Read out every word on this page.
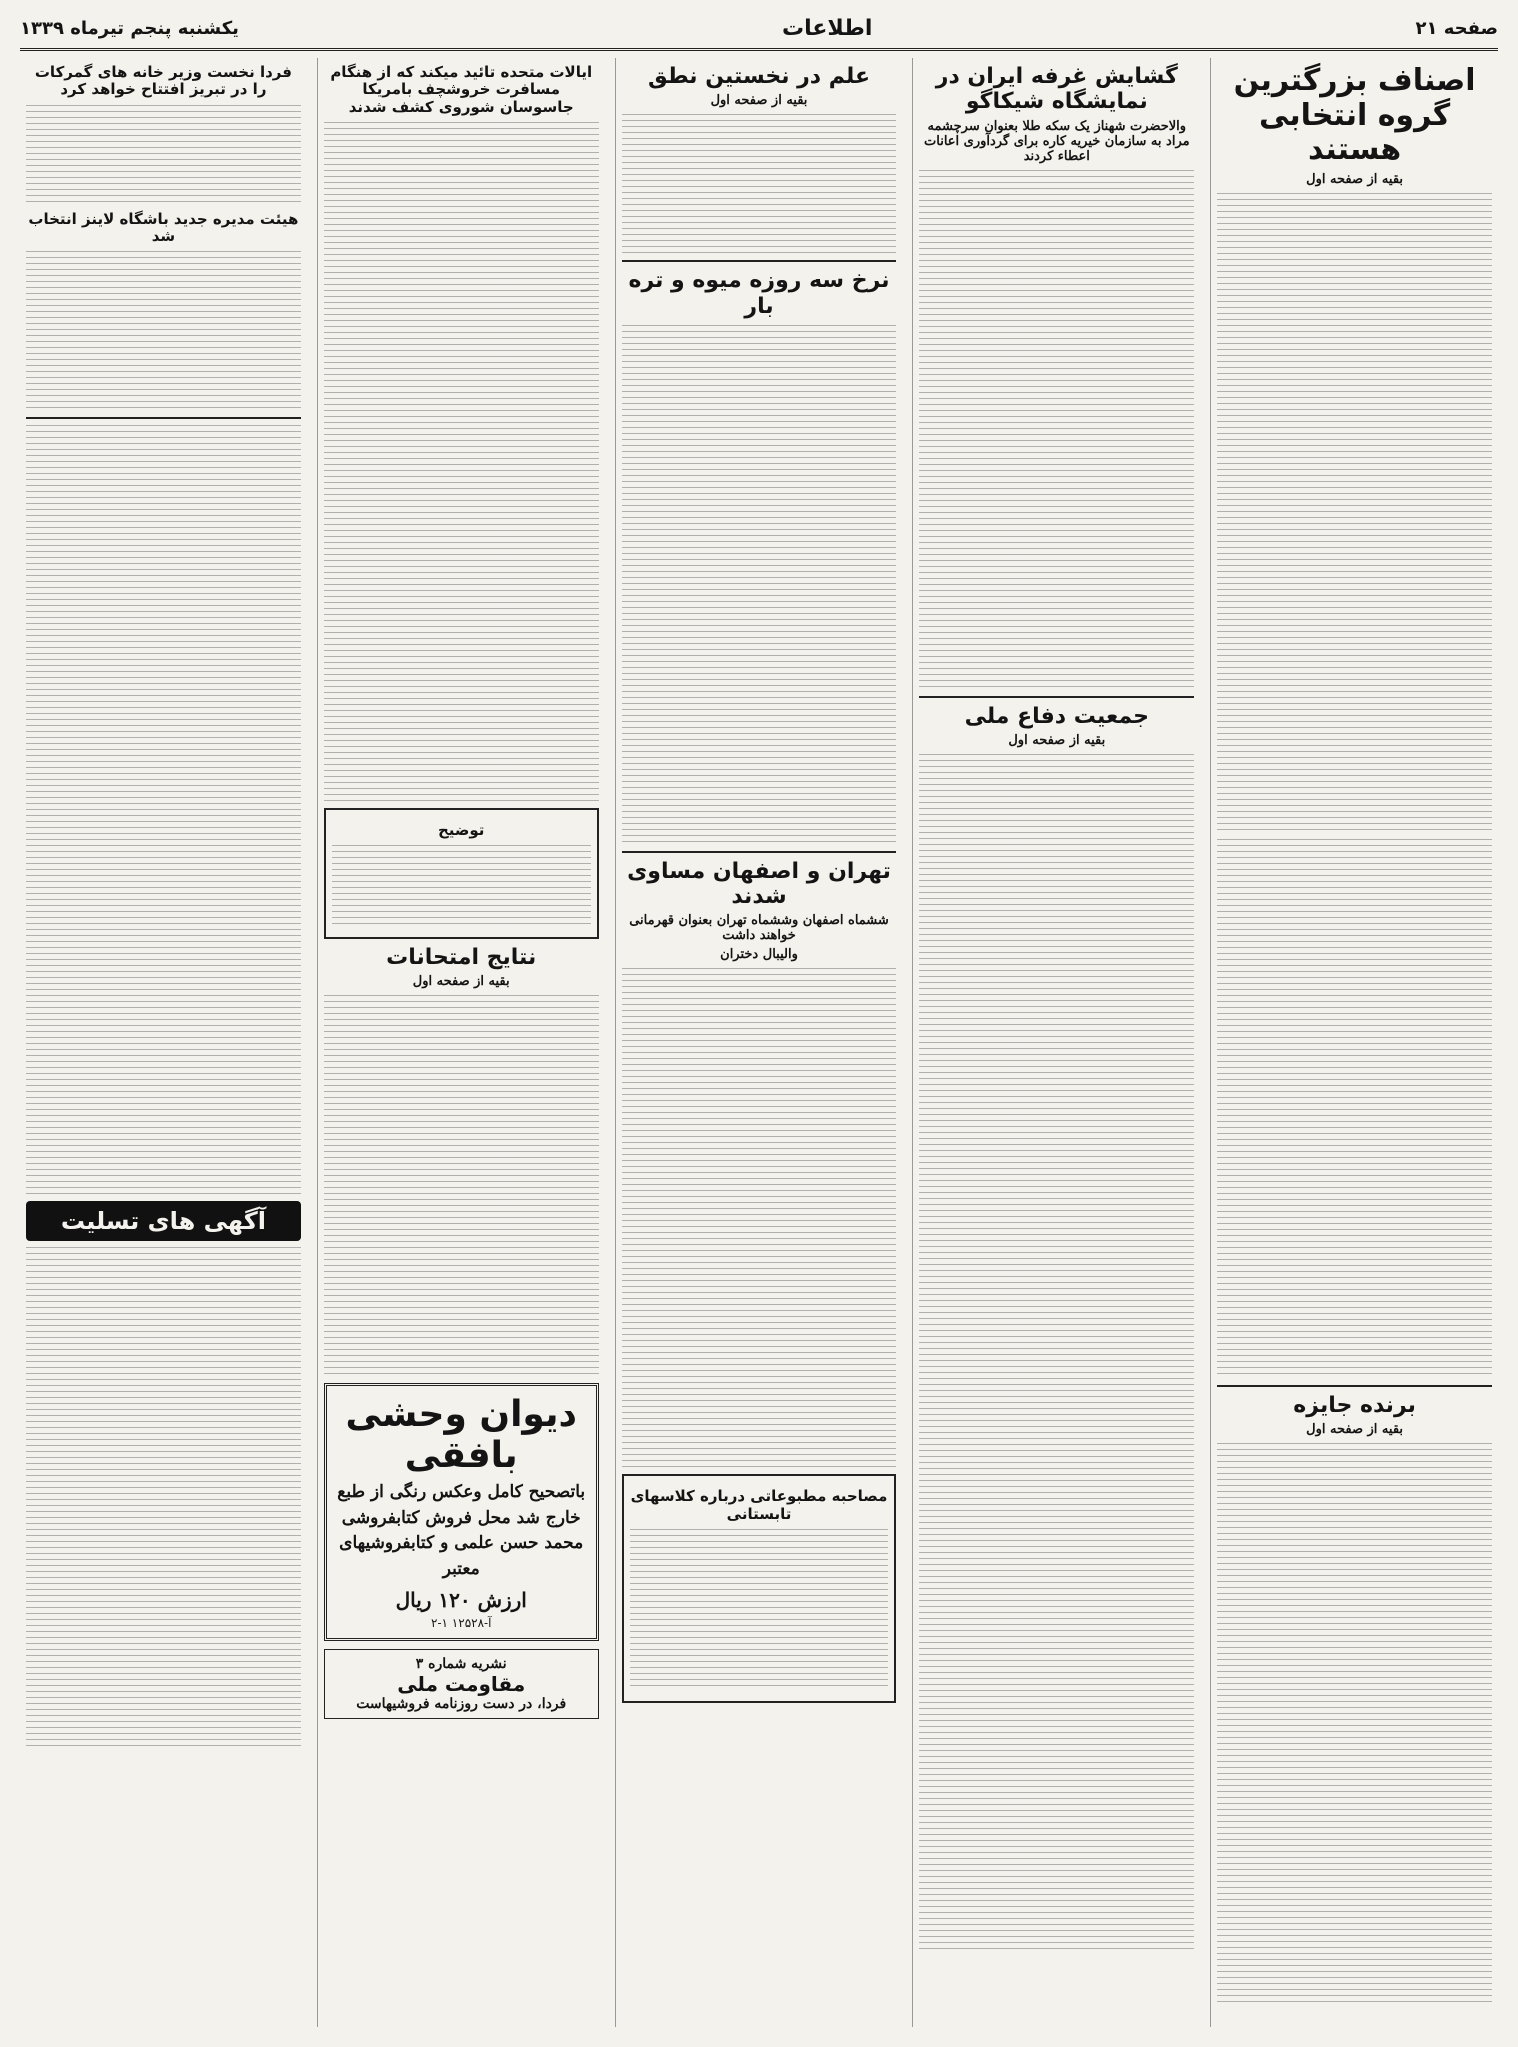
صفحه ۲۱
اطلاعات
یکشنبه پنجم تیرماه ۱۳۳۹
اصناف بزرگترین گروه انتخابی هستند
بقیه از صفحه اول
برنده جایزه
بقیه از صفحه اول
گشایش غرفه ایران در نمایشگاه شیکاگو
والاحضرت شهناز یک سکه طلا بعنوان سرچشمه مراد به سازمان خیریه کاره برای گردآوری اعانات اعطاء کردند
جمعیت دفاع ملی
بقیه از صفحه اول
علم در نخستین نطق
بقیه از صفحه اول
نرخ سه روزه میوه و تره بار
تهران و اصفهان مساوی شدند
ششماه اصفهان وششماه تهران بعنوان قهرمانی خواهند داشت
والیبال دختران
مصاحبه مطبوعاتی درباره کلاسهای تابستانی
ایالات متحده تائید میکند که از هنگام مسافرت خروشچف بامریکا جاسوسان شوروی کشف شدند
توضیح
نتایج امتحانات
بقیه از صفحه اول
دیوان وحشی بافقی
باتصحیح کامل وعکس رنگی از طبع خارج شد محل فروش کتابفروشی محمد حسن علمی و کتابفروشیهای معتبر
ارزش ۱۲۰ ریال
آ-۱۲۵۲۸ ۱-۲
نشریه شماره ۳
مقاومت ملی
فردا، در دست روزنامه فروشیهاست
فردا نخست وزیر خانه های گمرکات را در تبریز افتتاح خواهد کرد
هیئت مدیره جدید باشگاه لاینز انتخاب شد
آگهی های تسلیت
